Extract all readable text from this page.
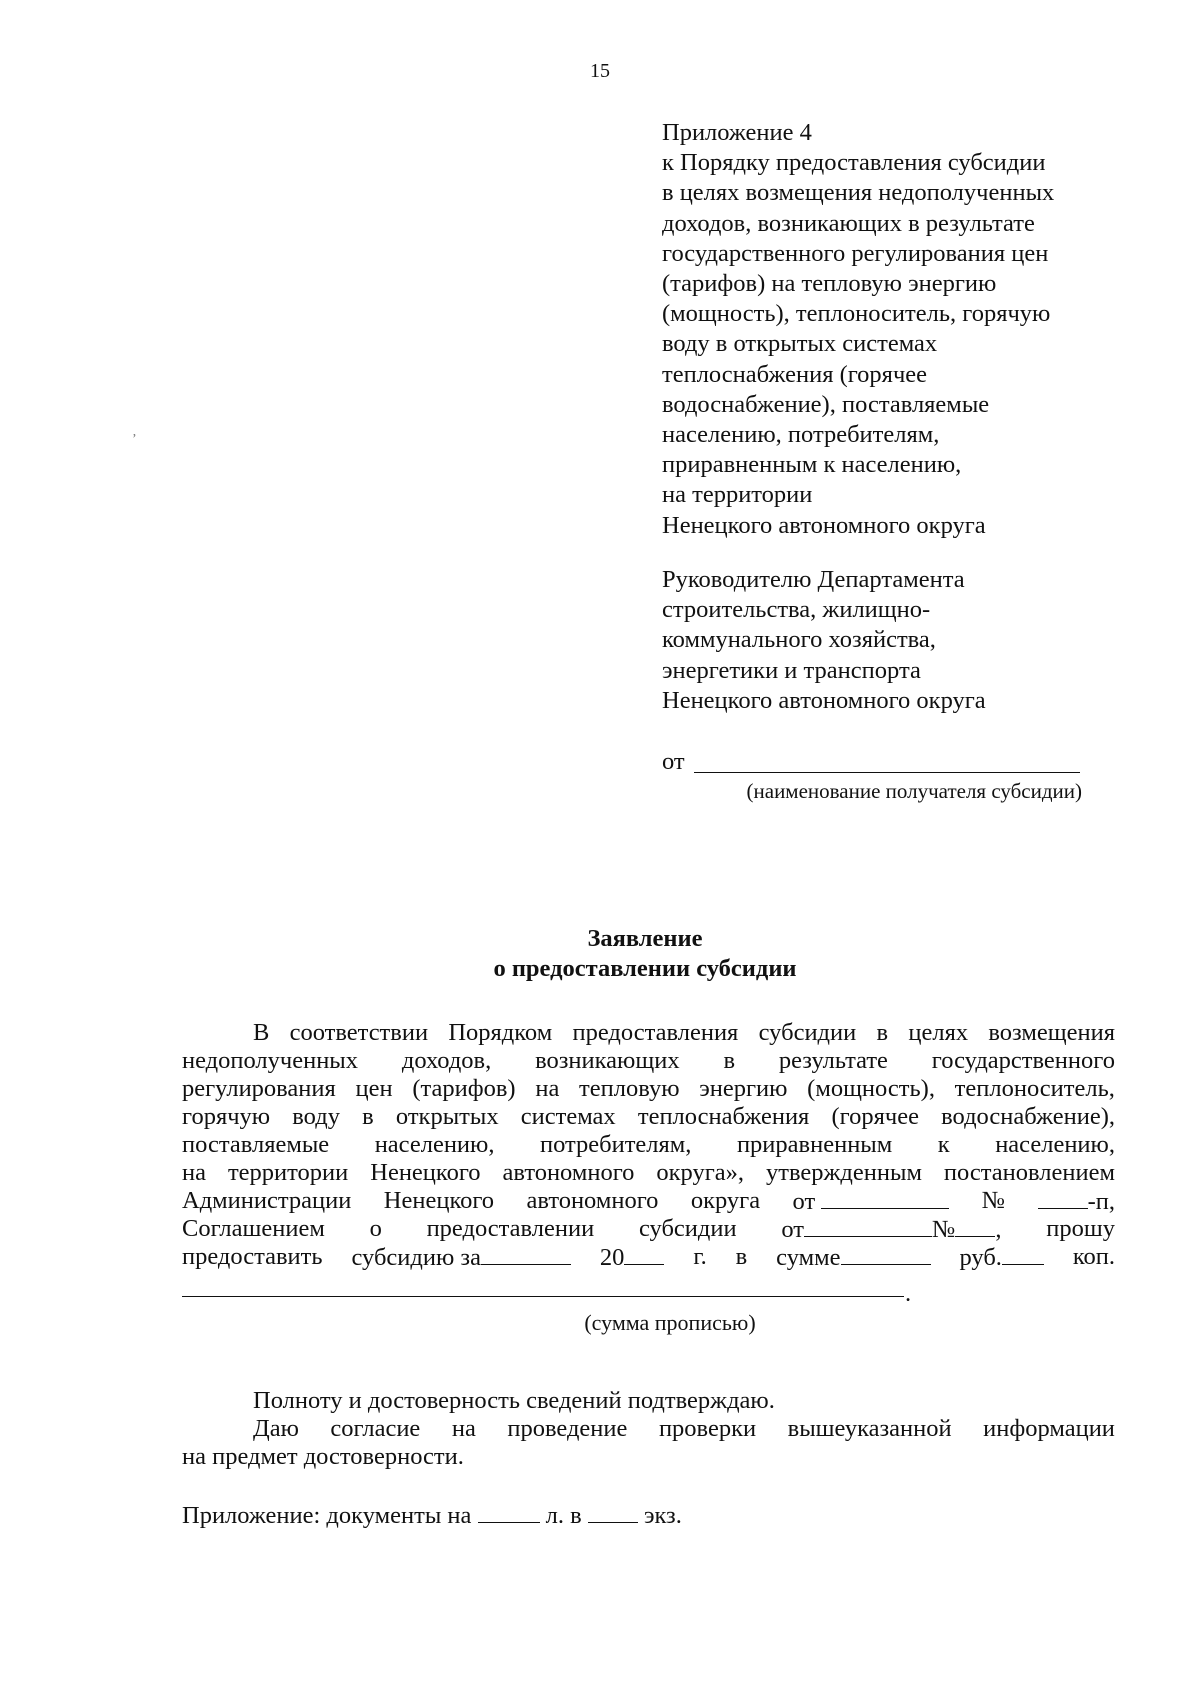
15
ʼ
Приложение 4
к Порядку предоставления субсидии
в целях возмещения недополученных
доходов, возникающих в результате
государственного регулирования цен
(тарифов) на тепловую энергию
(мощность), теплоноситель, горячую
воду в открытых системах
теплоснабжения (горячее
водоснабжение), поставляемые
населению, потребителям,
приравненным к населению,
на территории
Ненецкого автономного округа
Руководителю Департамента
строительства, жилищно-
коммунального хозяйства,
энергетики и транспорта
Ненецкого автономного округа
от
(наименование получателя субсидии)
Заявление
о предоставлении субсидии
В соответствии Порядком предоставления субсидии в целях возмещения
недополученных доходов, возникающих в результате государственного
регулирования цен (тарифов) на тепловую энергию (мощность), теплоноситель,
горячую воду в открытых системах теплоснабжения (горячее водоснабжение),
поставляемые населению, потребителям, приравненным к населению,
на территории Ненецкого автономного округа», утвержденным постановлением
Администрации Ненецкого автономного округа от	№	-п,
Соглашением о предоставлении субсидии от	№ , прошу
предоставить субсидию за	20	г. в сумме	руб.	коп.
.
(сумма прописью)
Полноту и достоверность сведений подтверждаю.
Даю согласие на проведение проверки вышеуказанной информации
на предмет достоверности.
Приложение: документы на	л. в	экз.
